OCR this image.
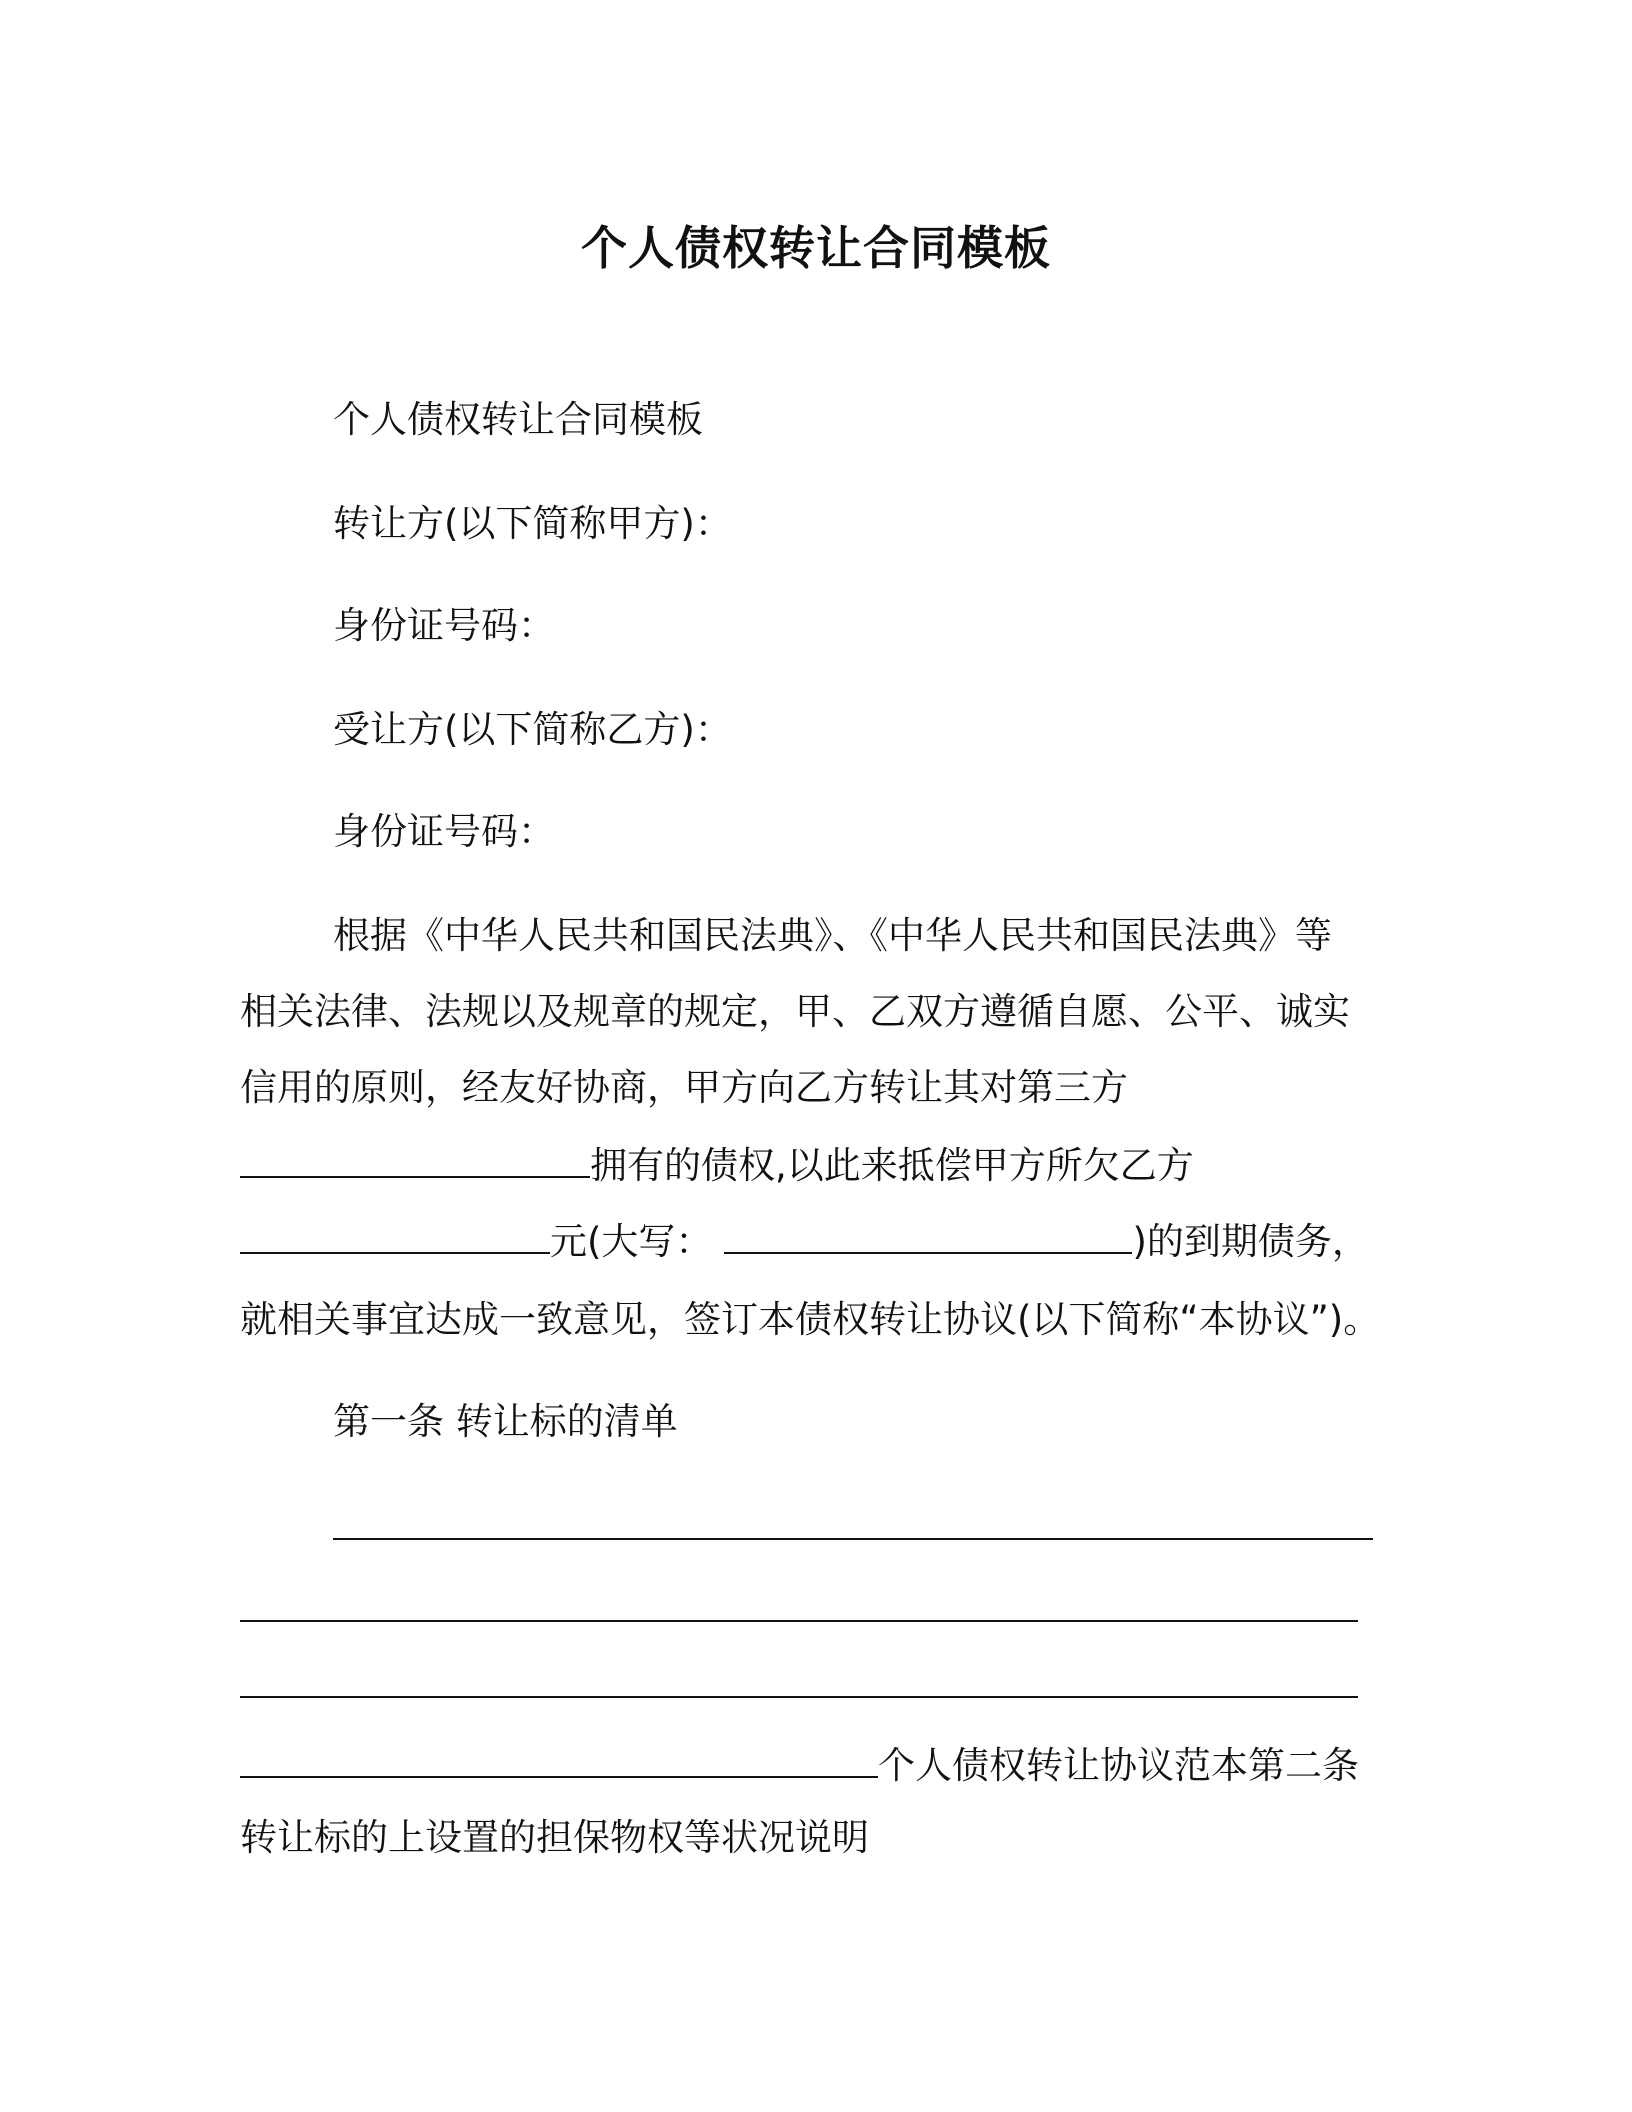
个人债权转让合同模板

个人债权转让合同模板

转让方(以下简称甲方)：

身份证号码：

受让方(以下简称乙方)：

身份证号码：

根据《中华人民共和国民法典》、《中华人民共和国民法典》等

相关法律、法规以及规章的规定，甲、乙双方遵循自愿、公平、诚实

信用的原则，经友好协商，甲方向乙方转让其对第三方

拥有的债权,以此来抵偿甲方所欠乙方

元(大写：	)的到期债务，

就相关事宜达成一致意见，签订本债权转让协议(以下简称“本协议”)。

第一条 转让标的清单

个人债权转让协议范本第二条

转让标的上设置的担保物权等状况说明
